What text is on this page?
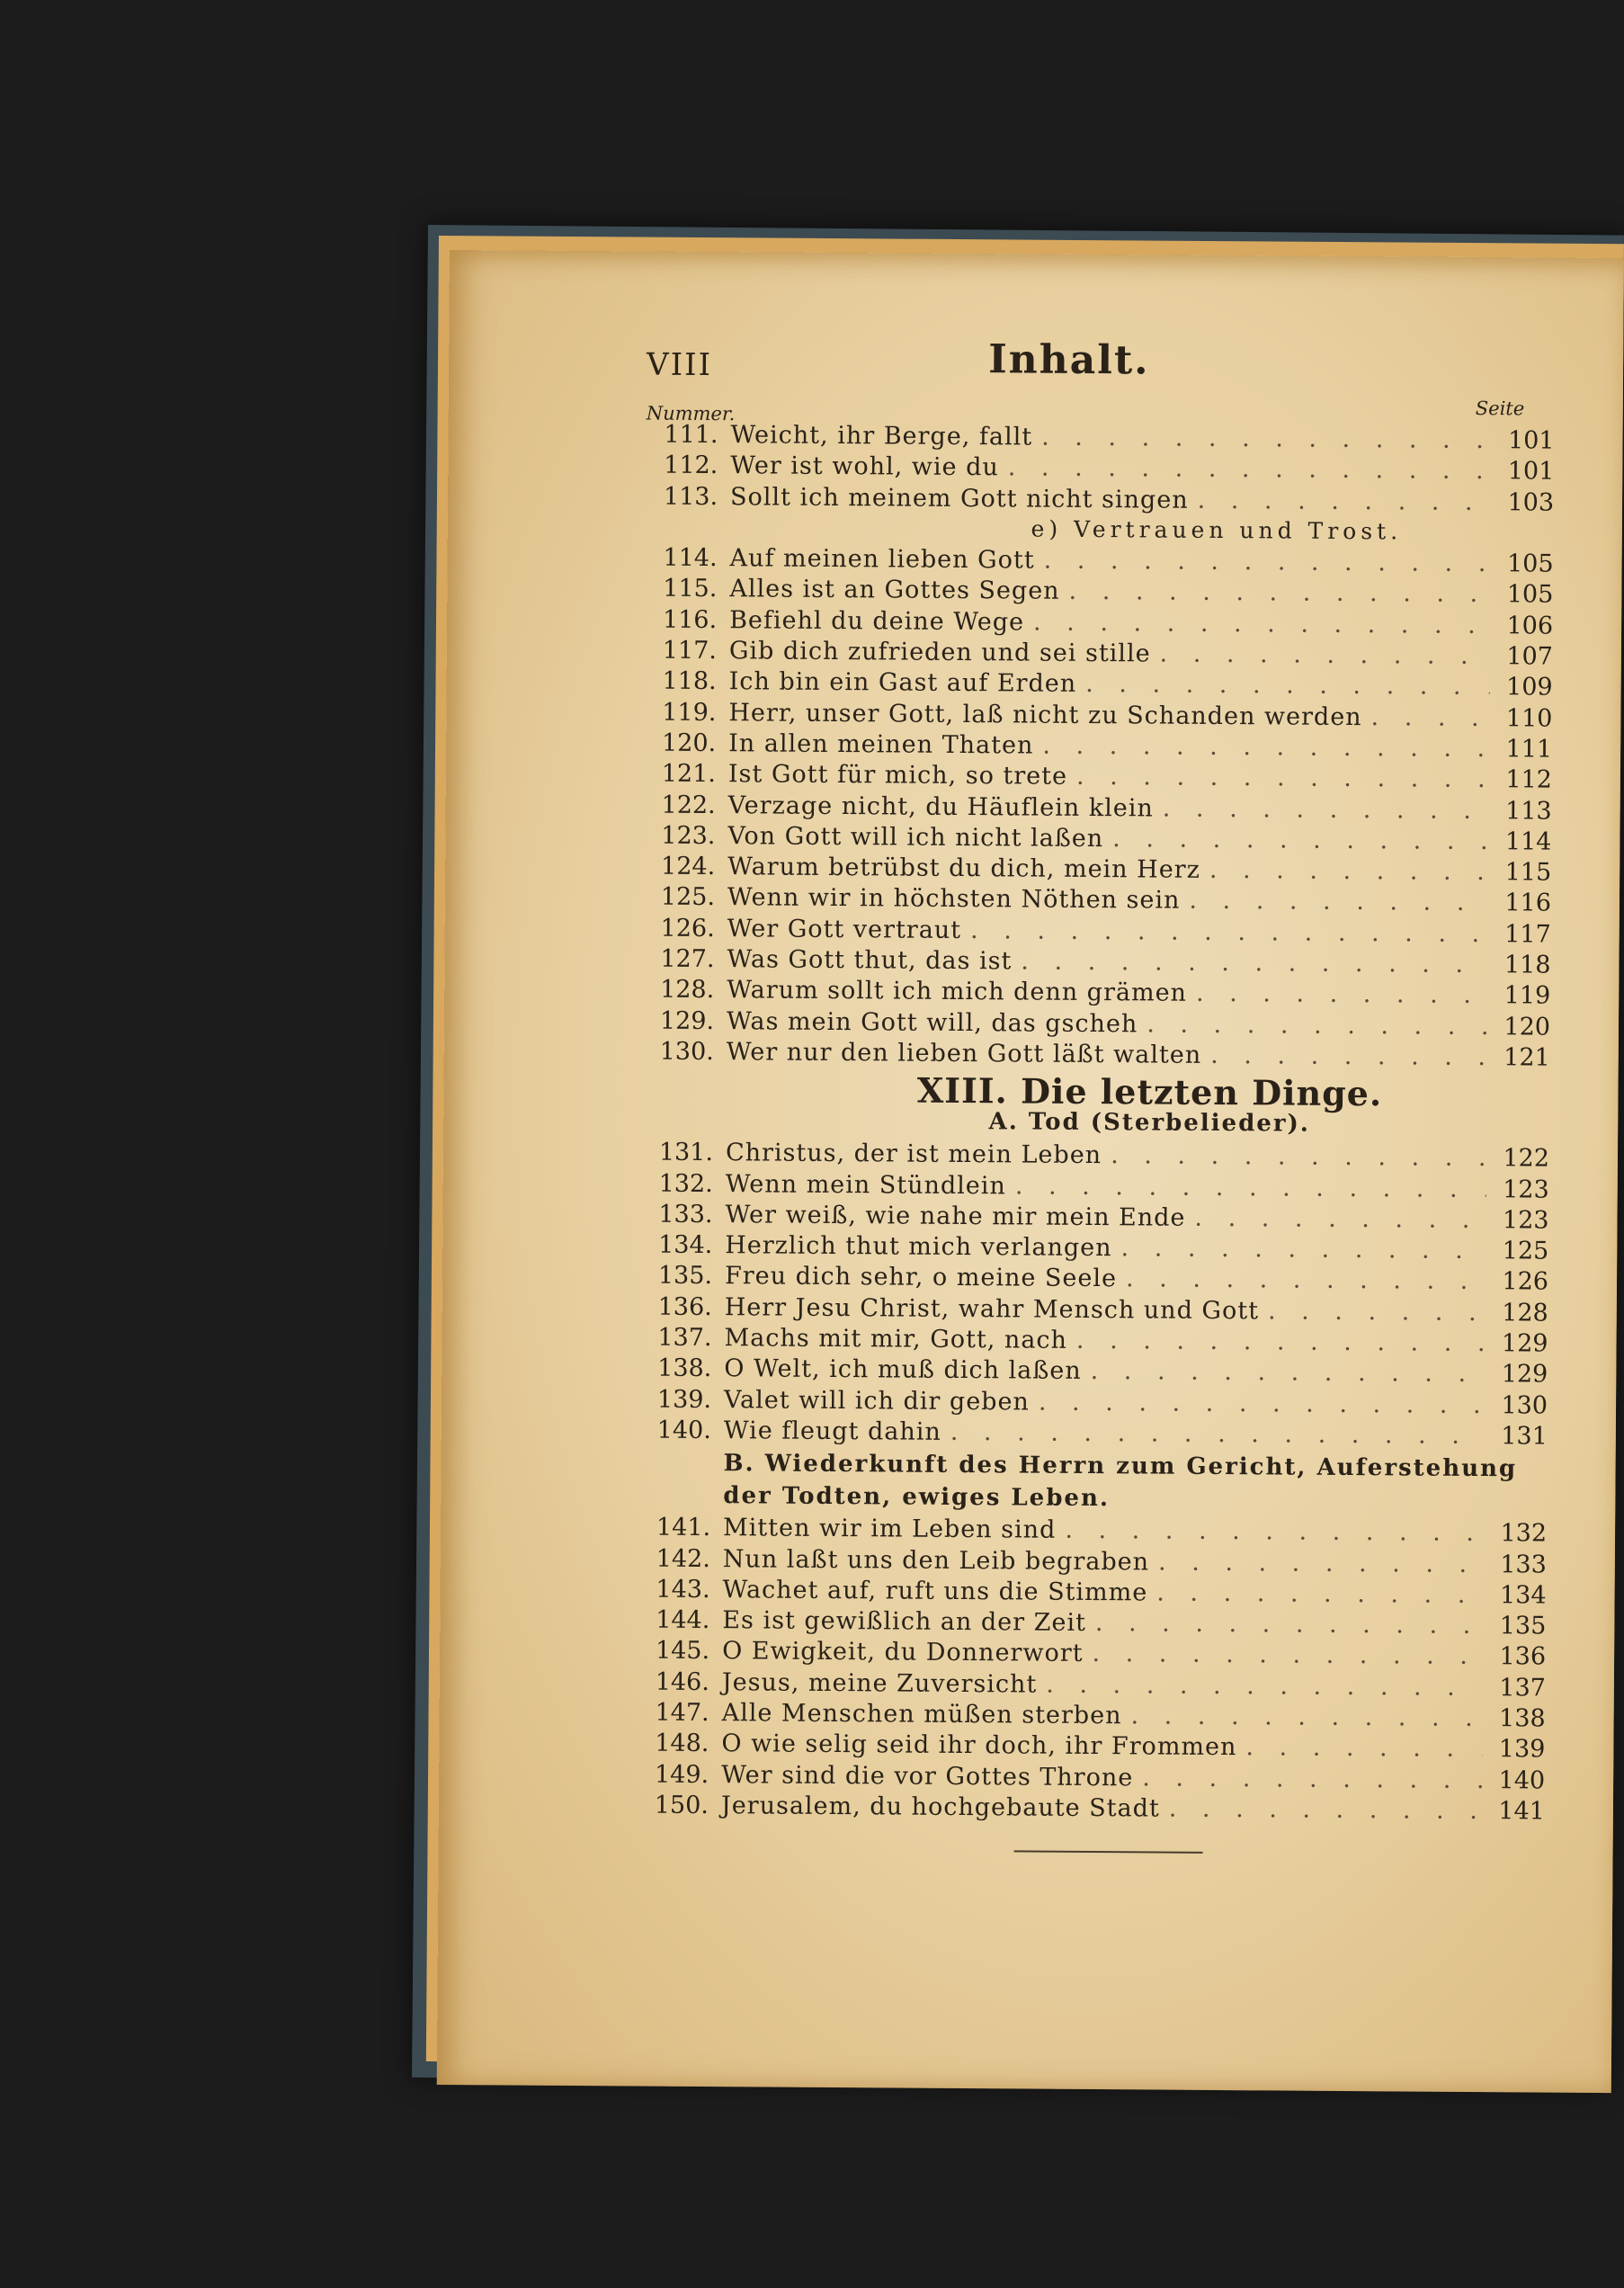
VIII	Inhalt.
Nummer.	Seite
111. Weicht, ihr Berge, fallt . . .	101
112. Wer ist wohl, wie du . . .	101
113. Sollt ich meinem Gott nicht singen . . .	103
e) Vertrauen und Trost.
114. Auf meinen lieben Gott . . .	105
115. Alles ist an Gottes Segen . . .	105
116. Befiehl du deine Wege . . .	106
117. Gib dich zufrieden und sei stille . . .	107
118. Ich bin ein Gast auf Erden . . .	109
119. Herr, unser Gott, laß nicht zu Schanden werden . . .	110
120. In allen meinen Thaten . . .	111
121. Ist Gott für mich, so trete . . .	112
122. Verzage nicht, du Häuflein klein . . .	113
123. Von Gott will ich nicht laßen . . .	114
124. Warum betrübst du dich, mein Herz . . .	115
125. Wenn wir in höchsten Nöthen sein . . .	116
126. Wer Gott vertraut . . .	117
127. Was Gott thut, das ist . . .	118
128. Warum sollt ich mich denn grämen . . .	119
129. Was mein Gott will, das gscheh . . .	120
130. Wer nur den lieben Gott läßt walten . . .	121
XIII. Die letzten Dinge.
A. Tod (Sterbelieder).
131. Christus, der ist mein Leben . . .	122
132. Wenn mein Stündlein . . .	123
133. Wer weiß, wie nahe mir mein Ende . . .	123
134. Herzlich thut mich verlangen . . .	125
135. Freu dich sehr, o meine Seele . . .	126
136. Herr Jesu Christ, wahr Mensch und Gott . . .	128
137. Machs mit mir, Gott, nach . . .	129
138. O Welt, ich muß dich laßen . . .	129
139. Valet will ich dir geben . . .	130
140. Wie fleugt dahin . . .	131
B. Wiederkunft des Herrn zum Gericht, Auferstehung der Todten, ewiges Leben.
141. Mitten wir im Leben sind . . .	132
142. Nun laßt uns den Leib begraben . . .	133
143. Wachet auf, ruft uns die Stimme . . .	134
144. Es ist gewißlich an der Zeit . . .	135
145. O Ewigkeit, du Donnerwort . . .	136
146. Jesus, meine Zuversicht . . .	137
147. Alle Menschen müßen sterben . . .	138
148. O wie selig seid ihr doch, ihr Frommen . . .	139
149. Wer sind die vor Gottes Throne . . .	140
150. Jerusalem, du hochgebaute Stadt . . .	141
